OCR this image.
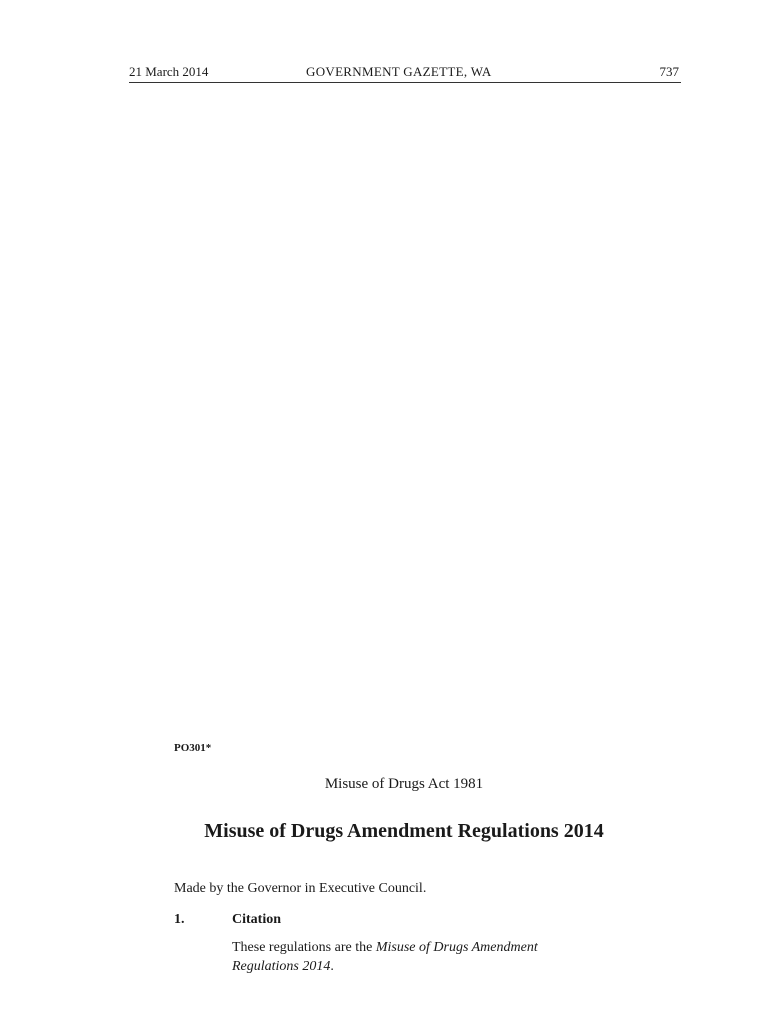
21 March 2014	GOVERNMENT GAZETTE, WA	737
PO301*
Misuse of Drugs Act 1981
Misuse of Drugs Amendment Regulations 2014
Made by the Governor in Executive Council.
1.	Citation
These regulations are the Misuse of Drugs Amendment Regulations 2014.
